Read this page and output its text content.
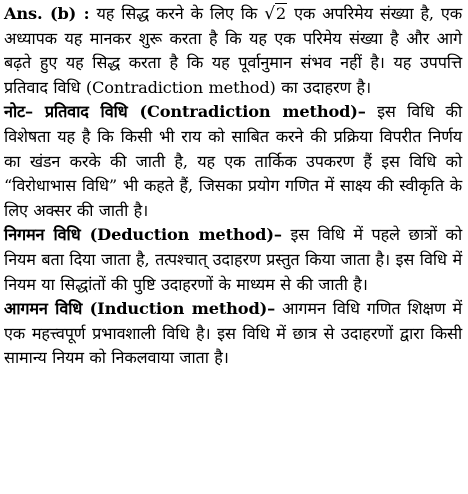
Ans. (b) : यह सिद्ध करने के लिए कि √2 एक अपरिमेय संख्या है, एक अध्यापक यह मानकर शुरू करता है कि यह एक परिमेय संख्या है और आगे बढ़ते हुए यह सिद्ध करता है कि यह पूर्वानुमान संभव नहीं है। यह उपपत्ति प्रतिवाद विधि (Contradiction method) का उदाहरण है।

नोट– प्रतिवाद विधि (Contradiction method)– इस विधि की विशेषता यह है कि किसी भी राय को साबित करने की प्रक्रिया विपरीत निर्णय का खंडन करके की जाती है, यह एक तार्किक उपकरण हैं इस विधि को “विरोधाभास विधि” भी कहते हैं, जिसका प्रयोग गणित में साक्ष्य की स्वीकृति के लिए अक्सर की जाती है।

निगमन विधि (Deduction method)– इस विधि में पहले छात्रों को नियम बता दिया जाता है, तत्पश्चात् उदाहरण प्रस्तुत किया जाता है। इस विधि में नियम या सिद्धांतों की पुष्टि उदाहरणों के माध्यम से की जाती है।

आगमन विधि (Induction method)– आगमन विधि गणित शिक्षण में एक महत्त्वपूर्ण प्रभावशाली विधि है। इस विधि में छात्र से उदाहरणों द्वारा किसी सामान्य नियम को निकलवाया जाता है।
